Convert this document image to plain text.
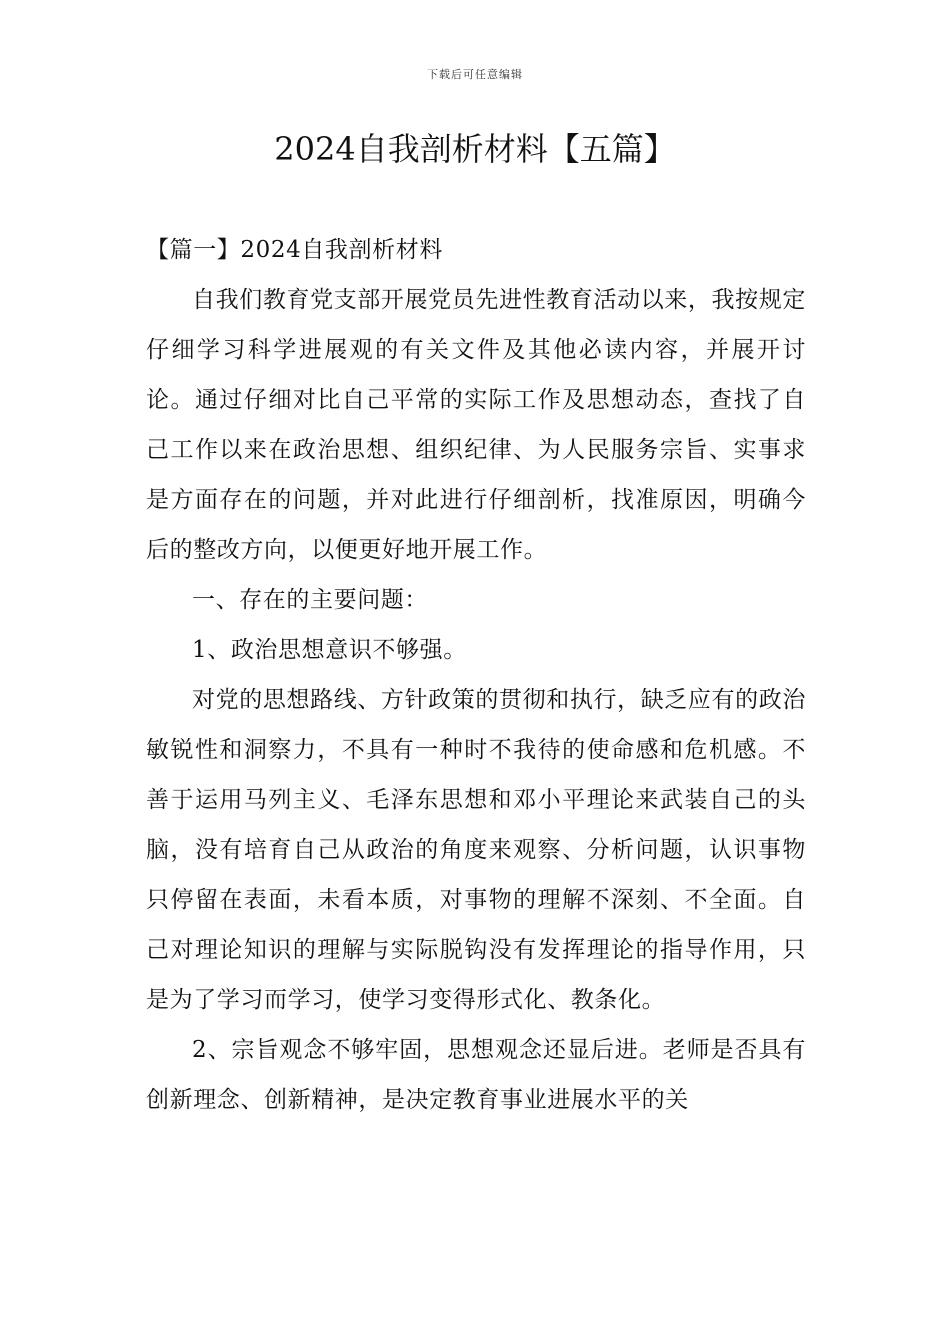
下载后可任意编辑
2024自我剖析材料【五篇】

【篇一】2024自我剖析材料

自我们教育党支部开展党员先进性教育活动以来，我按规定仔细学习科学进展观的有关文件及其他必读内容，并展开讨论。通过仔细对比自己平常的实际工作及思想动态，查找了自己工作以来在政治思想、组织纪律、为人民服务宗旨、实事求是方面存在的问题，并对此进行仔细剖析，找准原因，明确今后的整改方向，以便更好地开展工作。

一、存在的主要问题：

1、政治思想意识不够强。

对党的思想路线、方针政策的贯彻和执行，缺乏应有的政治敏锐性和洞察力，不具有一种时不我待的使命感和危机感。不善于运用马列主义、毛泽东思想和邓小平理论来武装自己的头脑，没有培育自己从政治的角度来观察、分析问题，认识事物只停留在表面，未看本质，对事物的理解不深刻、不全面。自己对理论知识的理解与实际脱钩没有发挥理论的指导作用，只是为了学习而学习，使学习变得形式化、教条化。

2、宗旨观念不够牢固，思想观念还显后进。老师是否具有创新理念、创新精神，是决定教育事业进展水平的关
